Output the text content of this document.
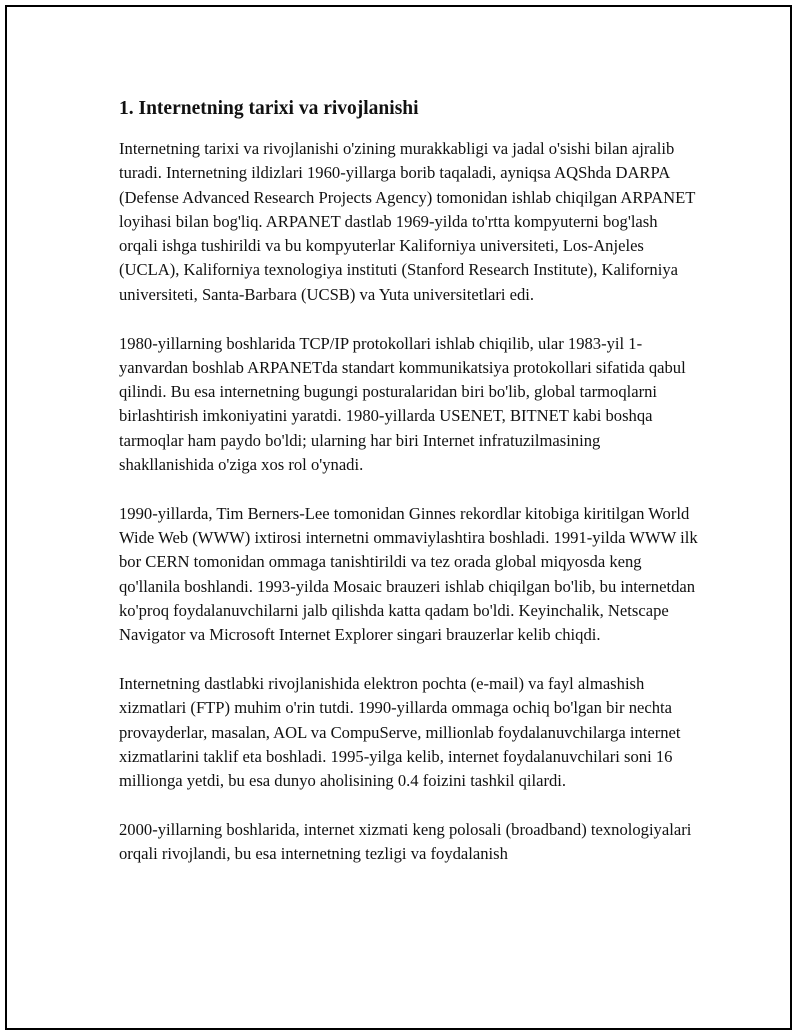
1. Internetning tarixi va rivojlanishi

Internetning tarixi va rivojlanishi o'zining murakkabligi va jadal o'sishi bilan ajralib turadi. Internetning ildizlari 1960-yillarga borib taqaladi, ayniqsa AQShda DARPA (Defense Advanced Research Projects Agency) tomonidan ishlab chiqilgan ARPANET loyihasi bilan bog'liq. ARPANET dastlab 1969-yilda to'rtta kompyuterni bog'lash orqali ishga tushirildi va bu kompyuterlar Kaliforniya universiteti, Los-Anjeles (UCLA), Kaliforniya texnologiya instituti (Stanford Research Institute), Kaliforniya universiteti, Santa-Barbara (UCSB) va Yuta universitetlari edi.

1980-yillarning boshlarida TCP/IP protokollari ishlab chiqilib, ular 1983-yil 1-yanvardan boshlab ARPANETda standart kommunikatsiya protokollari sifatida qabul qilindi. Bu esa internetning bugungi posturalaridan biri bo'lib, global tarmoqlarni birlashtirish imkoniyatini yaratdi. 1980-yillarda USENET, BITNET kabi boshqa tarmoqlar ham paydo bo'ldi; ularning har biri Internet infratuzilmasining shakllanishida o'ziga xos rol o'ynadi.

1990-yillarda, Tim Berners-Lee tomonidan Ginnes rekordlar kitobiga kiritilgan World Wide Web (WWW) ixtirosi internetni ommaviylashtira boshladi. 1991-yilda WWW ilk bor CERN tomonidan ommaga tanishtirildi va tez orada global miqyosda keng qo'llanila boshlandi. 1993-yilda Mosaic brauzeri ishlab chiqilgan bo'lib, bu internetdan ko'proq foydalanuvchilarni jalb qilishda katta qadam bo'ldi. Keyinchalik, Netscape Navigator va Microsoft Internet Explorer singari brauzerlar kelib chiqdi.

Internetning dastlabki rivojlanishida elektron pochta (e-mail) va fayl almashish xizmatlari (FTP) muhim o'rin tutdi. 1990-yillarda ommaga ochiq bo'lgan bir nechta provayderlar, masalan, AOL va CompuServe, millionlab foydalanuvchilarga internet xizmatlarini taklif eta boshladi. 1995-yilga kelib, internet foydalanuvchilari soni 16 millionga yetdi, bu esa dunyo aholisining 0.4 foizini tashkil qilardi.

2000-yillarning boshlarida, internet xizmati keng polosali (broadband) texnologiyalari orqali rivojlandi, bu esa internetning tezligi va foydalanish
